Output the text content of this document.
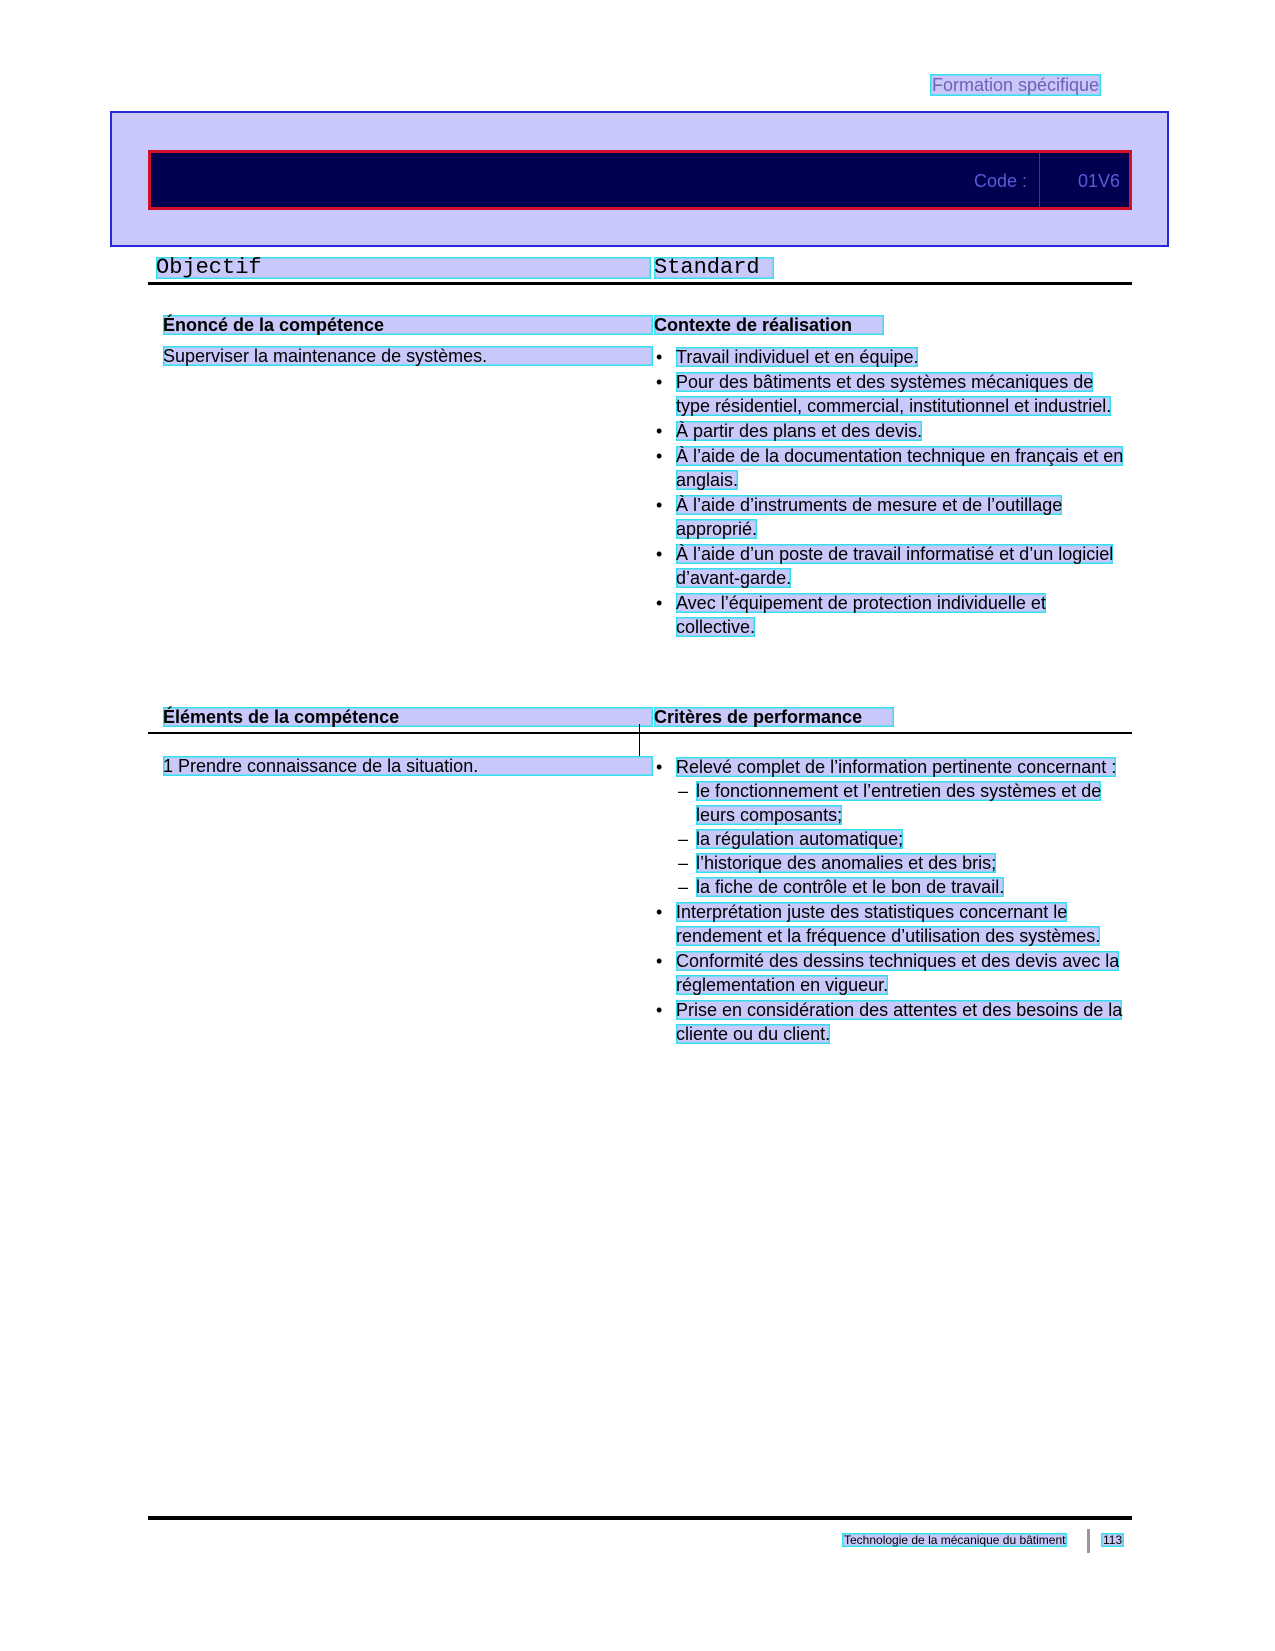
Formation spécifique
Code :	01V6
Objectif	Standard
Énoncé de la compétence	Contexte de réalisation
Superviser la maintenance de systèmes.	• Travail individuel et en équipe.
• Pour des bâtiments et des systèmes mécaniques de type résidentiel, commercial, institutionnel et industriel.
• À partir des plans et des devis.
• À l’aide de la documentation technique en français et en anglais.
• À l’aide d’instruments de mesure et de l’outillage approprié.
• À l’aide d’un poste de travail informatisé et d’un logiciel d’avant-garde.
• Avec l’équipement de protection individuelle et collective.
Éléments de la compétence	Critères de performance
1 Prendre connaissance de la situation.	• Relevé complet de l’information pertinente concernant :
– le fonctionnement et l’entretien des systèmes et de leurs composants;
– la régulation automatique;
– l’historique des anomalies et des bris;
– la fiche de contrôle et le bon de travail.
• Interprétation juste des statistiques concernant le rendement et la fréquence d’utilisation des systèmes.
• Conformité des dessins techniques et des devis avec la réglementation en vigueur.
• Prise en considération des attentes et des besoins de la cliente ou du client.
Technologie de la mécanique du bâtiment	113
